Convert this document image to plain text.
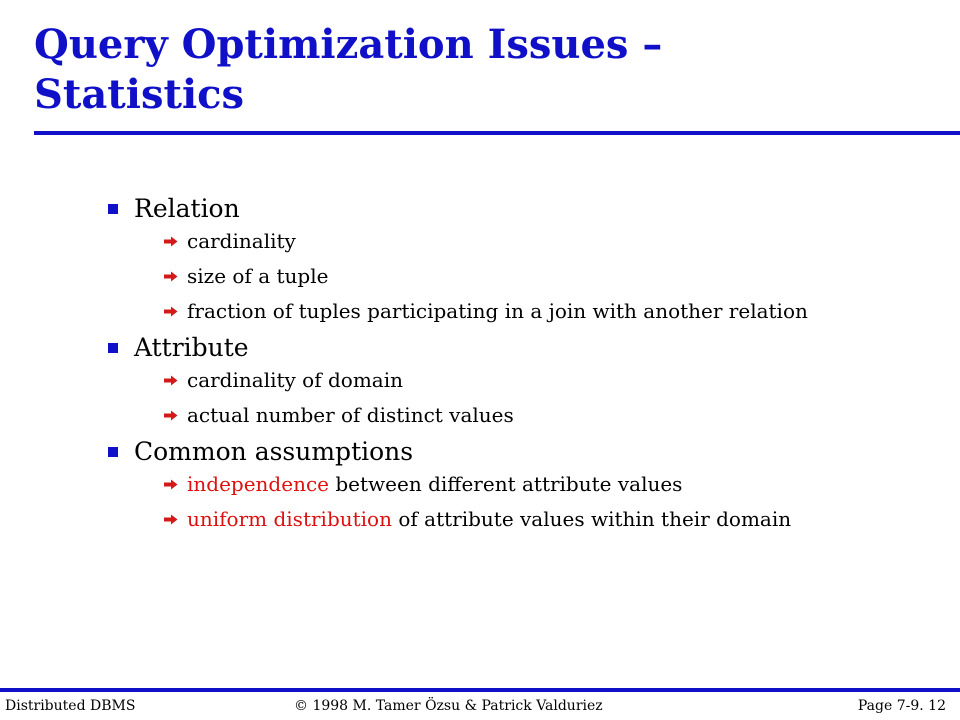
Query Optimization Issues –
Statistics
Relation
cardinality
size of a tuple
fraction of tuples participating in a join with another relation
Attribute
cardinality of domain
actual number of distinct values
Common assumptions
independence between different attribute values
uniform distribution of attribute values within their domain
Distributed DBMS	© 1998 M. Tamer Özsu & Patrick Valduriez	Page 7-9. 12
